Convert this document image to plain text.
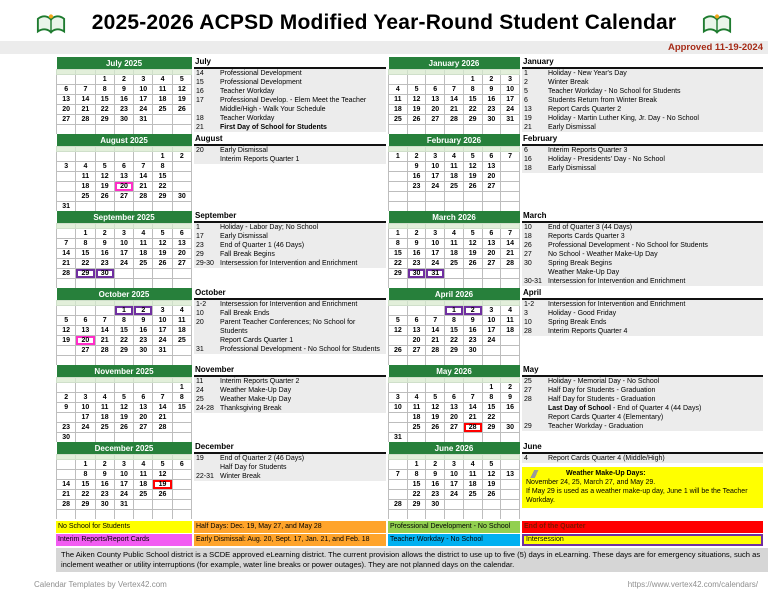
2025-2026 ACPSD Modified Year-Round Student Calendar
Approved 11-19-2024
July 2025						

		1	2	3	4	5
6	7	8	9	10	11	12
13	14	15	16	17	18	19
20	21	22	23	24	25	26
27	28	29	30	31		

August 2025						

					1	2
3	4	5	6	7	8	
	11	12	13	14	15	
	18	19	20	21	22	
	25	26	27	28	29	30
31						
September 2025						

	1	2	3	4	5	6
7	8	9	10	11	12	13
14	15	16	17	18	19	20
21	22	23	24	25	26	27
28	29	30				

October 2025						

			1	2	3	4
5	6	7	8	9	10	11
12	13	14	15	16	17	18
19	20	21	22	23	24	25
	27	28	29	30	31	

November 2025						

						1
2	3	4	5	6	7	8
9	10	11	12	13	14	15
	17	18	19	20	21	
23	24	25	26	27	28	
30						
December 2025						

	1	2	3	4	5	6
	8	9	10	11	12	
14	15	16	17	18	19	
21	22	23	24	25	26	
28	29	30	31			

July
14	Professional Development
15	Professional Development
16	Teacher Workday
17	Professional Develop. - Elem Meet the Teacher
Middle/High - Walk Your Schedule
18	Teacher Workday
21	First Day of School for Students
August
20	Early Dismissal
Interim Reports Quarter 1
September
1	Holiday - Labor Day; No School
17	Early Dismissal
23	End of Quarter 1 (46 Days)
29	Fall Break Begins
29-30 Intersession for Intervention and Enrichment
October
1-2	Intersession for Intervention and Enrichment
10	Fall Break Ends
20	Parent Teacher Conferences; No School for Students
Report Cards Quarter 1
31	Professional Development - No School for Students
November
11	Interim Reports Quarter 2
24	Weather Make-Up Day
25	Weather Make-Up Day
24-28 Thanksgiving Break
December
19	End of Quarter 2 (46 Days)
Half Day for Students
22-31 Winter Break
January 2026						

				1	2	3
4	5	6	7	8	9	10
11	12	13	14	15	16	17
18	19	20	21	22	23	24
25	26	27	28	29	30	31

February 2026						

1	2	3	4	5	6	7
	9	10	11	12	13	
	16	17	18	19	20	
	23	24	25	26	27	

March 2026						

1	2	3	4	5	6	7
8	9	10	11	12	13	14
15	16	17	18	19	20	21
22	23	24	25	26	27	28
29	30	31				

April 2026						

			1	2	3	4
5	6	7	8	9	10	11
12	13	14	15	16	17	18
	20	21	22	23	24	
26	27	28	29	30		

May 2026						

					1	2
3	4	5	6	7	8	9
10	11	12	13	14	15	16
	18	19	20	21	22	
	25	26	27	28	29	30
31						
June 2026						

	1	2	3	4	5	
7	8	9	10	11	12	13
	15	16	17	18	19	
	22	23	24	25	26	
28	29	30				

January
1	Holiday - New Year's Day
2	Winter Break
5	Teacher Workday - No School for Students
6	Students Return from Winter Break
13	Report Cards Quarter 2
19	Holiday - Martin Luther King, Jr. Day - No School
21	Early Dismissal
February
6	Interim Reports Quarter 3
16	Holiday - Presidents' Day - No School
18	Early Dismissal
March
10	End of Quarter 3 (44 Days)
18	Reports Cards Quarter 3
26	Professional Development - No School for Students
27	No School - Weather Make-Up Day
30	Spring Break Begins
Weather Make-Up Day
30-31 Intersession for Intervention and Enrichment
April
1-2	Intersession for Intervention and Enrichment
3	Holiday - Good Friday
10	Spring Break Ends
28	Interim Reports Quarter 4
May
25	Holiday - Memorial Day - No School
27	Half Day for Students - Graduation
28	Half Day for Students - Graduation
Last Day of School - End of Quarter 4 (44 Days)
Report Cards Quarter 4 (Elementary)
29	Teacher Workday - Graduation
June
4	Report Cards Quarter 4 (Middle/High)
Weather Make-Up Days:
November 24, 25, March 27, and May 29.
If May 29 is used as a weather make-up day, June 1 will be the Teacher Workday.
No School for Students	Half Days: Dec. 19, May 27, and May 28	Professional Development - No School	End of the Quarter
Interim Reports/Report Cards	Early Dismissal: Aug. 20, Sept. 17, Jan. 21, and Feb. 18	Teacher Workday - No School	Intersession
The Aiken County Public School district is a SCDE approved eLearning district. The current provision allows the district to use up to five (5) days in eLearning. These days are for emergency situations, such as inclement weather or utility interruptions (for example, water line breaks or power outages). They are not planned days on the calendar.
Calendar Templates by Vertex42.com	https://www.vertex42.com/calendars/
